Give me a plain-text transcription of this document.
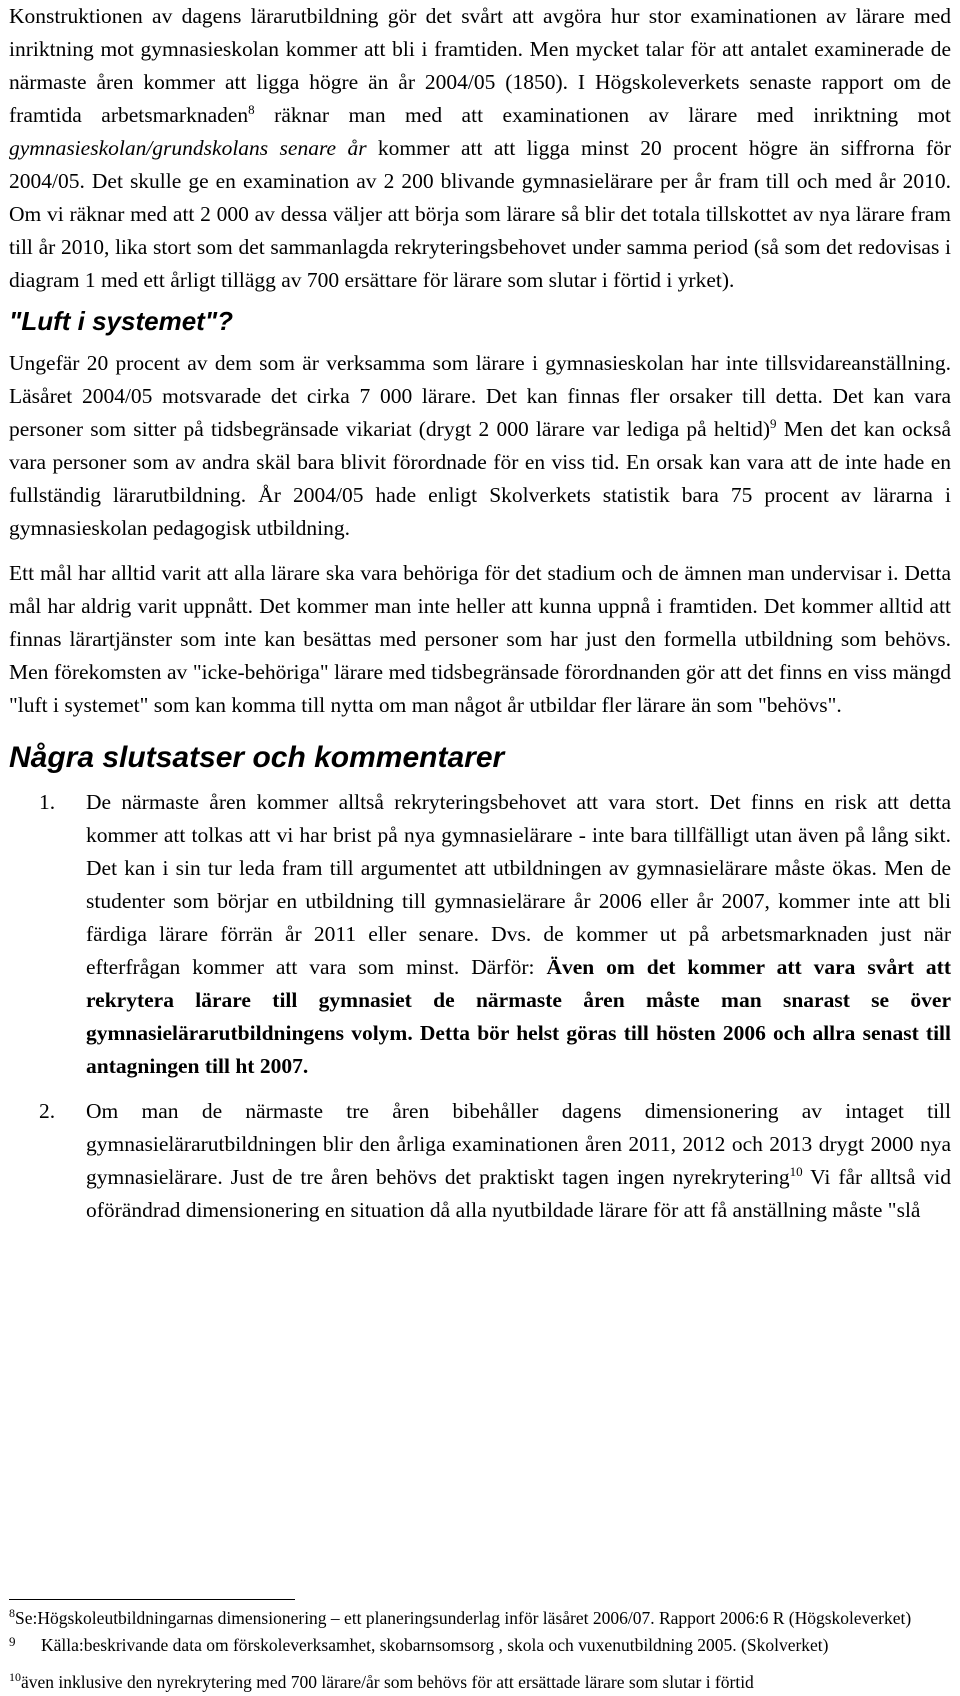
Konstruktionen av dagens lärarutbildning gör det svårt att avgöra hur stor examinationen av lärare med inriktning mot gymnasieskolan kommer att bli i framtiden. Men mycket talar för att antalet examinerade de närmaste åren kommer att ligga högre än år 2004/05 (1850). I Högskoleverkets senaste rapport om de framtida arbetsmarknaden$^8$ räknar man med att examinationen av lärare med inriktning mot gymnasieskolan/grundskolans senare år kommer att att ligga minst 20 procent högre än siffrorna för 2004/05. Det skulle ge en examination av 2 200 blivande gymnasielärare per år fram till och med år 2010. Om vi räknar med att 2 000 av dessa väljer att börja som lärare så blir det totala tillskottet av nya lärare fram till år 2010, lika stort som det sammanlagda rekryteringsbehovet under samma period (så som det redovisas i diagram 1 med ett årligt tillägg av 700 ersättare för lärare som slutar i förtid i yrket).

"Luft i systemet"?

Ungefär 20 procent av dem som är verksamma som lärare i gymnasieskolan har inte tillsvidareanställning. Läsåret 2004/05 motsvarade det cirka 7 000 lärare. Det kan finnas fler orsaker till detta. Det kan vara personer som sitter på tidsbegränsade vikariat (drygt 2 000 lärare var lediga på heltid)$^9$ Men det kan också vara personer som av andra skäl bara blivit förordnade för en viss tid. En orsak kan vara att de inte hade en fullständig lärarutbildning. År 2004/05 hade enligt Skolverkets statistik bara 75 procent av lärarna i gymnasieskolan pedagogisk utbildning.

Ett mål har alltid varit att alla lärare ska vara behöriga för det stadium och de ämnen man undervisar i. Detta mål har aldrig varit uppnått. Det kommer man inte heller att kunna uppnå i framtiden. Det kommer alltid att finnas lärartjänster som inte kan besättas med personer som har just den formella utbildning som behövs. Men förekomsten av "icke-behöriga" lärare med tidsbegränsade förordnanden gör att det finns en viss mängd "luft i systemet" som kan komma till nytta om man något år utbildar fler lärare än som "behövs".

Några slutsatser och kommentarer
1. De närmaste åren kommer alltså rekryteringsbehovet att vara stort. Det finns en risk att detta kommer att tolkas att vi har brist på nya gymnasielärare - inte bara tillfälligt utan även på lång sikt. Det kan i sin tur leda fram till argumentet att utbildningen av gymnasielärare måste ökas. Men de studenter som börjar en utbildning till gymnasielärare år 2006 eller år 2007, kommer inte att bli färdiga lärare förrän år 2011 eller senare. Dvs. de kommer ut på arbetsmarknaden just när efterfrågan kommer att vara som minst. Därför: Även om det kommer att vara svårt att rekrytera lärare till gymnasiet de närmaste åren måste man snarast se över gymnasielärarutbildningens volym. Detta bör helst göras till hösten 2006 och allra senast till antagningen till ht 2007.
2. Om man de närmaste tre åren bibehåller dagens dimensionering av intaget till gymnasielärarutbildningen blir den årliga examinationen åren 2011, 2012 och 2013 drygt 2000 nya gymnasielärare. Just de tre åren behövs det praktiskt tagen ingen nyrekrytering$^{10}$ Vi får alltså vid oförändrad dimensionering en situation då alla nyutbildade lärare för att få anställning måste "slå

$^8$Se:Högskoleutbildningarnas dimensionering – ett planeringsunderlag inför läsåret 2006/07. Rapport 2006:6 R (Högskoleverket)

9 Källa:beskrivande data om förskoleverksamhet, skobarnsomsorg , skola och vuxenutbildning 2005. (Skolverket)

$^{10}$även inklusive den nyrekrytering med 700 lärare/år som behövs för att ersättade lärare som slutar i förtid
